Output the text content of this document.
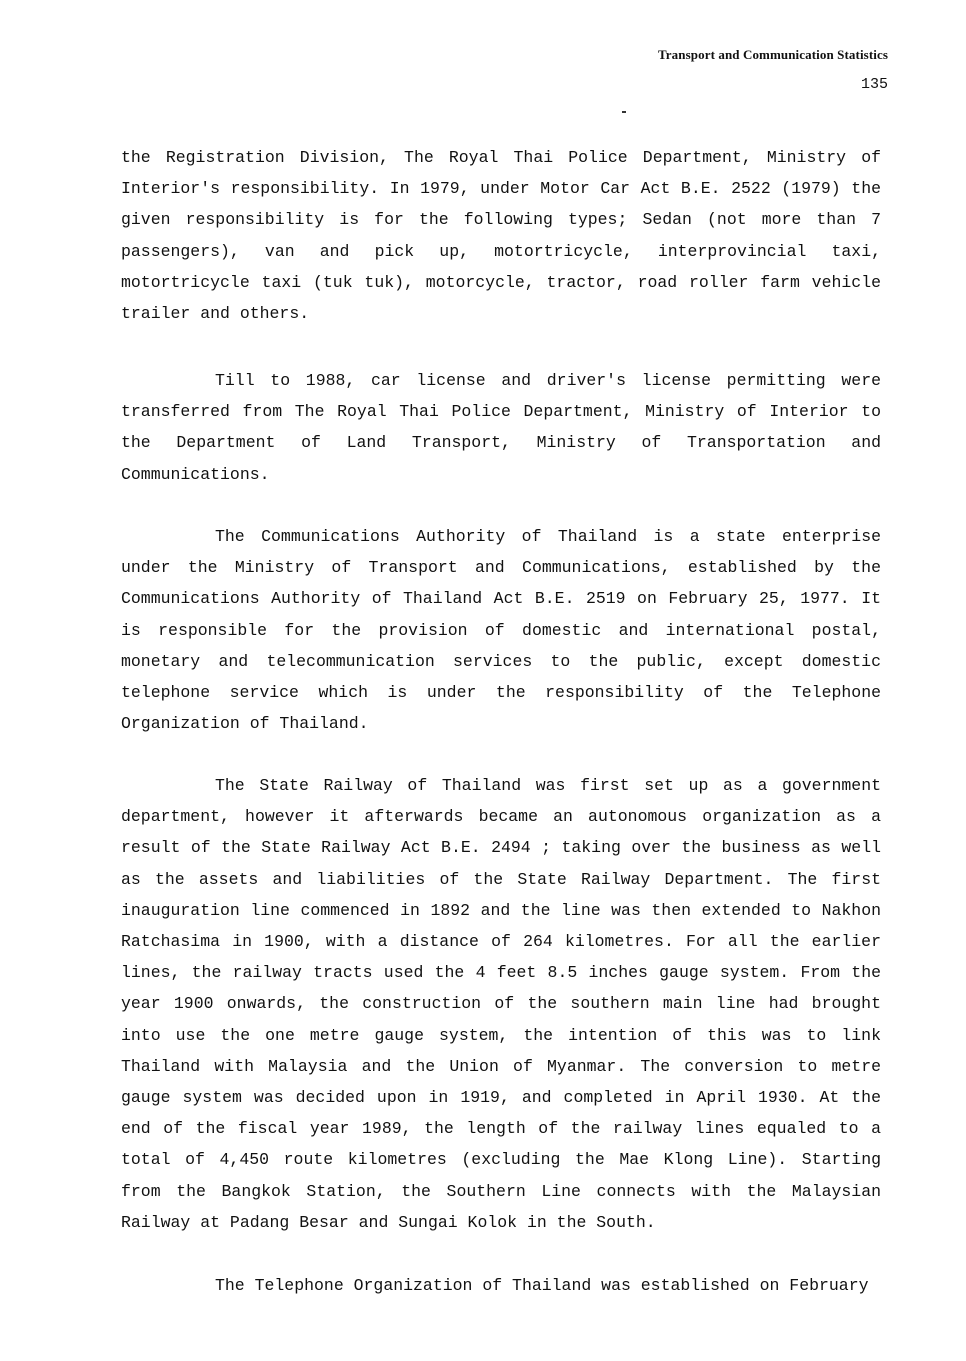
Transport and Communication Statistics
135

the Registration Division, The Royal Thai Police Department, Ministry of Interior's responsibility. In 1979, under Motor Car Act B.E. 2522 (1979) the given responsibility is for the following types; Sedan (not more than 7 passengers), van and pick up, motortricycle, interprovincial taxi, motortricycle taxi (tuk tuk), motorcycle, tractor, road roller farm vehicle trailer and others.

Till to 1988, car license and driver's license permitting were transferred from The Royal Thai Police Department, Ministry of Interior to the Department of Land Transport, Ministry of Transportation and Communications.

The Communications Authority of Thailand is a state enterprise under the Ministry of Transport and Communications, established by the Communications Authority of Thailand Act B.E. 2519 on February 25, 1977. It is responsible for the provision of domestic and international postal, monetary and telecommunication services to the public, except domestic telephone service which is under the responsibility of the Telephone Organization of Thailand.

The State Railway of Thailand was first set up as a government department, however it afterwards became an autonomous organization as a result of the State Railway Act B.E. 2494 ; taking over the business as well as the assets and liabilities of the State Railway Department. The first inauguration line commenced in 1892 and the line was then extended to Nakhon Ratchasima in 1900, with a distance of 264 kilometres. For all the earlier lines, the railway tracts used the 4 feet 8.5 inches gauge system. From the year 1900 onwards, the construction of the southern main line had brought into use the one metre gauge system, the intention of this was to link Thailand with Malaysia and the Union of Myanmar. The conversion to metre gauge system was decided upon in 1919, and completed in April 1930. At the end of the fiscal year 1989, the length of the railway lines equaled to a total of 4,450 route kilometres (excluding the Mae Klong Line). Starting from the Bangkok Station, the Southern Line connects with the Malaysian Railway at Padang Besar and Sungai Kolok in the South.

The Telephone Organization of Thailand was established on February
